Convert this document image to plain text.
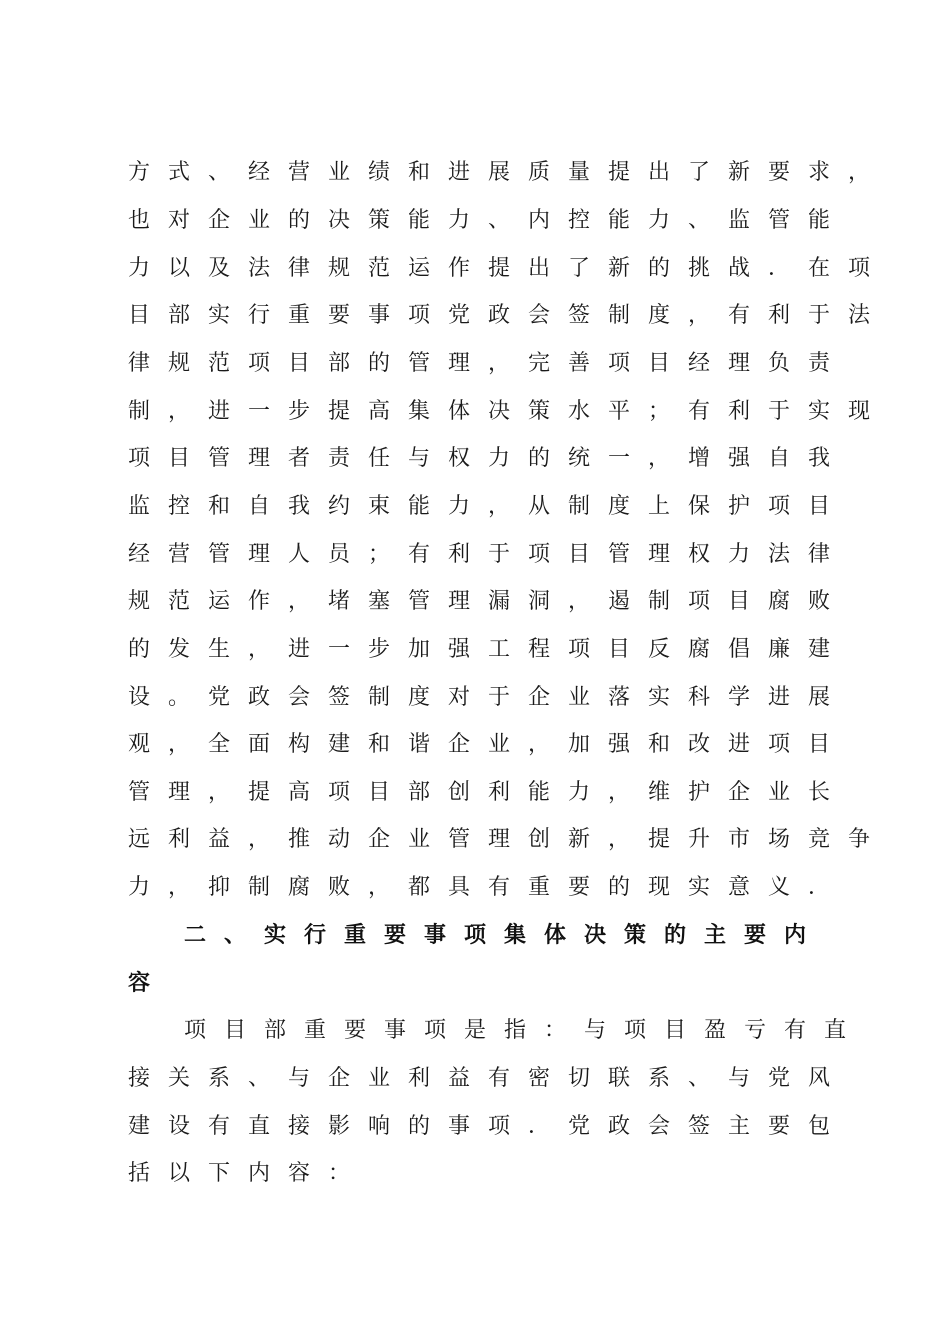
方式、经营业绩和进展质量提出了新要求，
也对企业的决策能力、内控能力、监管能
力以及法律规范运作提出了新的挑战．在项
目部实行重要事项党政会签制度，有利于法
律规范项目部的管理，完善项目经理负责
制，进一步提高集体决策水平；有利于实现
项目管理者责任与权力的统一，增强自我
监控和自我约束能力，从制度上保护项目
经营管理人员；有利于项目管理权力法律
规范运作，堵塞管理漏洞，遏制项目腐败
的发生，进一步加强工程项目反腐倡廉建
设。党政会签制度对于企业落实科学进展
观，全面构建和谐企业，加强和改进项目
管理，提高项目部创利能力，维护企业长
远利益，推动企业管理创新，提升市场竞争
力，抑制腐败，都具有重要的现实意义．
二、实行重要事项集体决策的主要内
容
项目部重要事项是指：与项目盈亏有直
接关系、与企业利益有密切联系、与党风
建设有直接影响的事项．党政会签主要包
括以下内容：
